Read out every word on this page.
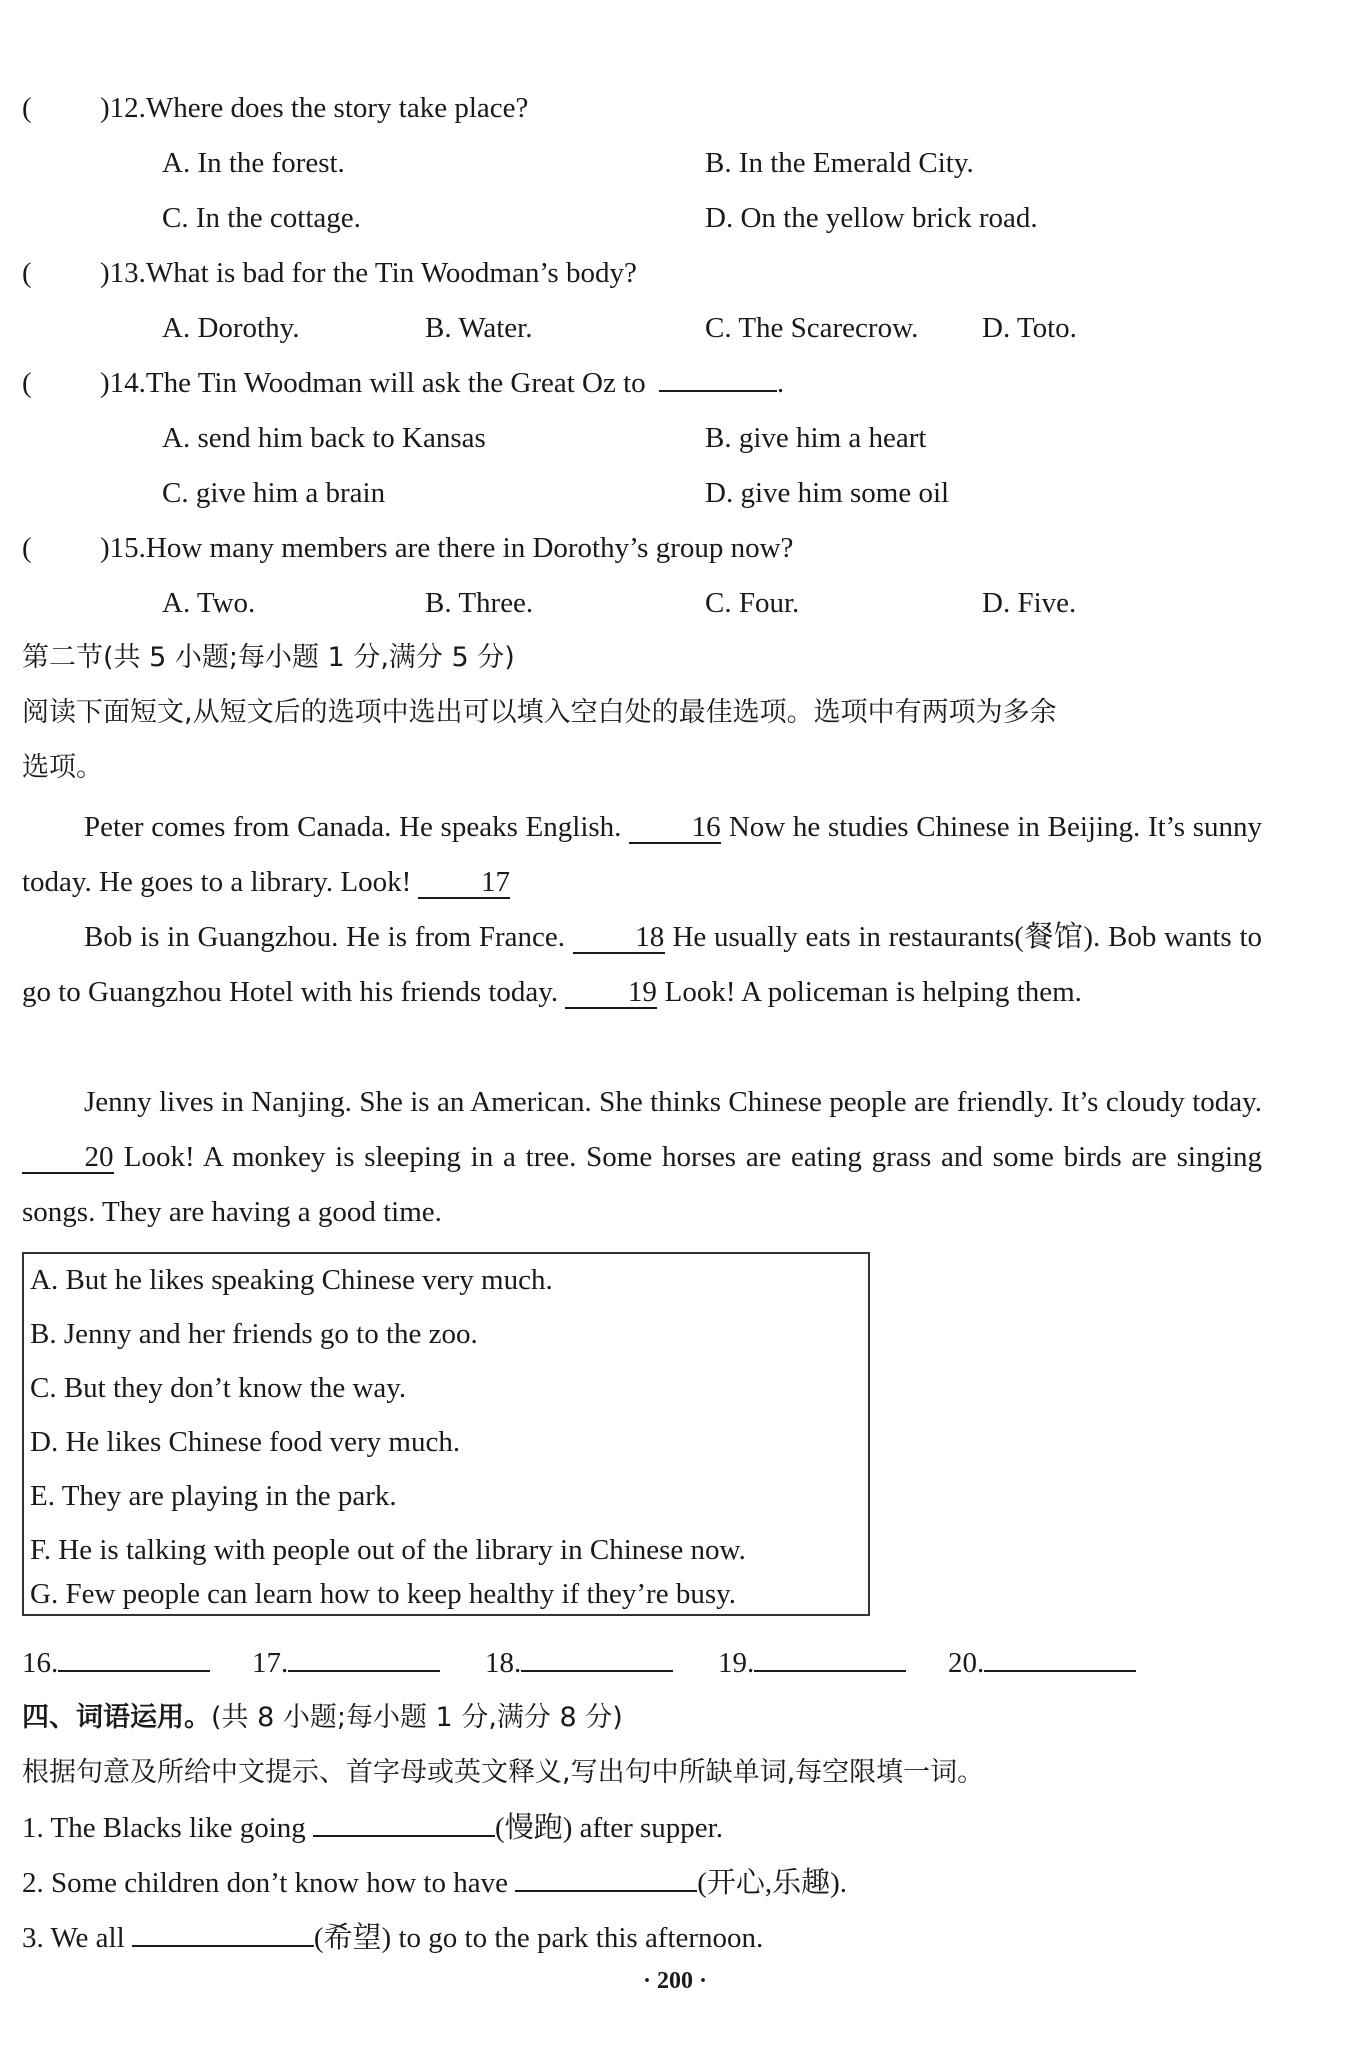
( )12.Where does the story take place?
A. In the forest.	B. In the Emerald City.
C. In the cottage.	D. On the yellow brick road.
( )13.What is bad for the Tin Woodman’s body?
A. Dorothy.	B. Water.	C. The Scarecrow. D. Toto.
( )14.The Tin Woodman will ask the Great Oz to	.
A. send him back to Kansas	B. give him a heart
C. give him a brain	D. give him some oil
( )15.How many members are there in Dorothy’s group now?
A. Two.	B. Three.	C. Four.	D. Five.
第二节(共 5 小题;每小题 1 分,满分 5 分)
阅读下面短文,从短文后的选项中选出可以填入空白处的最佳选项。选项中有两项为多余
选项。
Peter comes from Canada. He speaks English. 16 Now he studies Chinese in Beijing. It’s sunny today. He goes to a library. Look! 17
Bob is in Guangzhou. He is from France. 18 He usually eats in restaurants(餐馆). Bob wants to go to Guangzhou Hotel with his friends today. 19 Look! A policeman is helping them.
Jenny lives in Nanjing. She is an American. She thinks Chinese people are friendly. It’s cloudy today. 20 Look! A monkey is sleeping in a tree. Some horses are eating grass and some birds are singing songs. They are having a good time.
A. But he likes speaking Chinese very much.
B. Jenny and her friends go to the zoo.
C. But they don’t know the way.
D. He likes Chinese food very much.
E. They are playing in the park.
F. He is talking with people out of the library in Chinese now.
G. Few people can learn how to keep healthy if they’re busy.
16.	17.	18.	19.	20.
四、词语运用。(共 8 小题;每小题 1 分,满分 8 分)
根据句意及所给中文提示、首字母或英文释义,写出句中所缺单词,每空限填一词。
1. The Blacks like going	(慢跑) after supper.
2. Some children don’t know how to have	(开心,乐趣).
3. We all	(希望) to go to the park this afternoon.
· 200 ·
